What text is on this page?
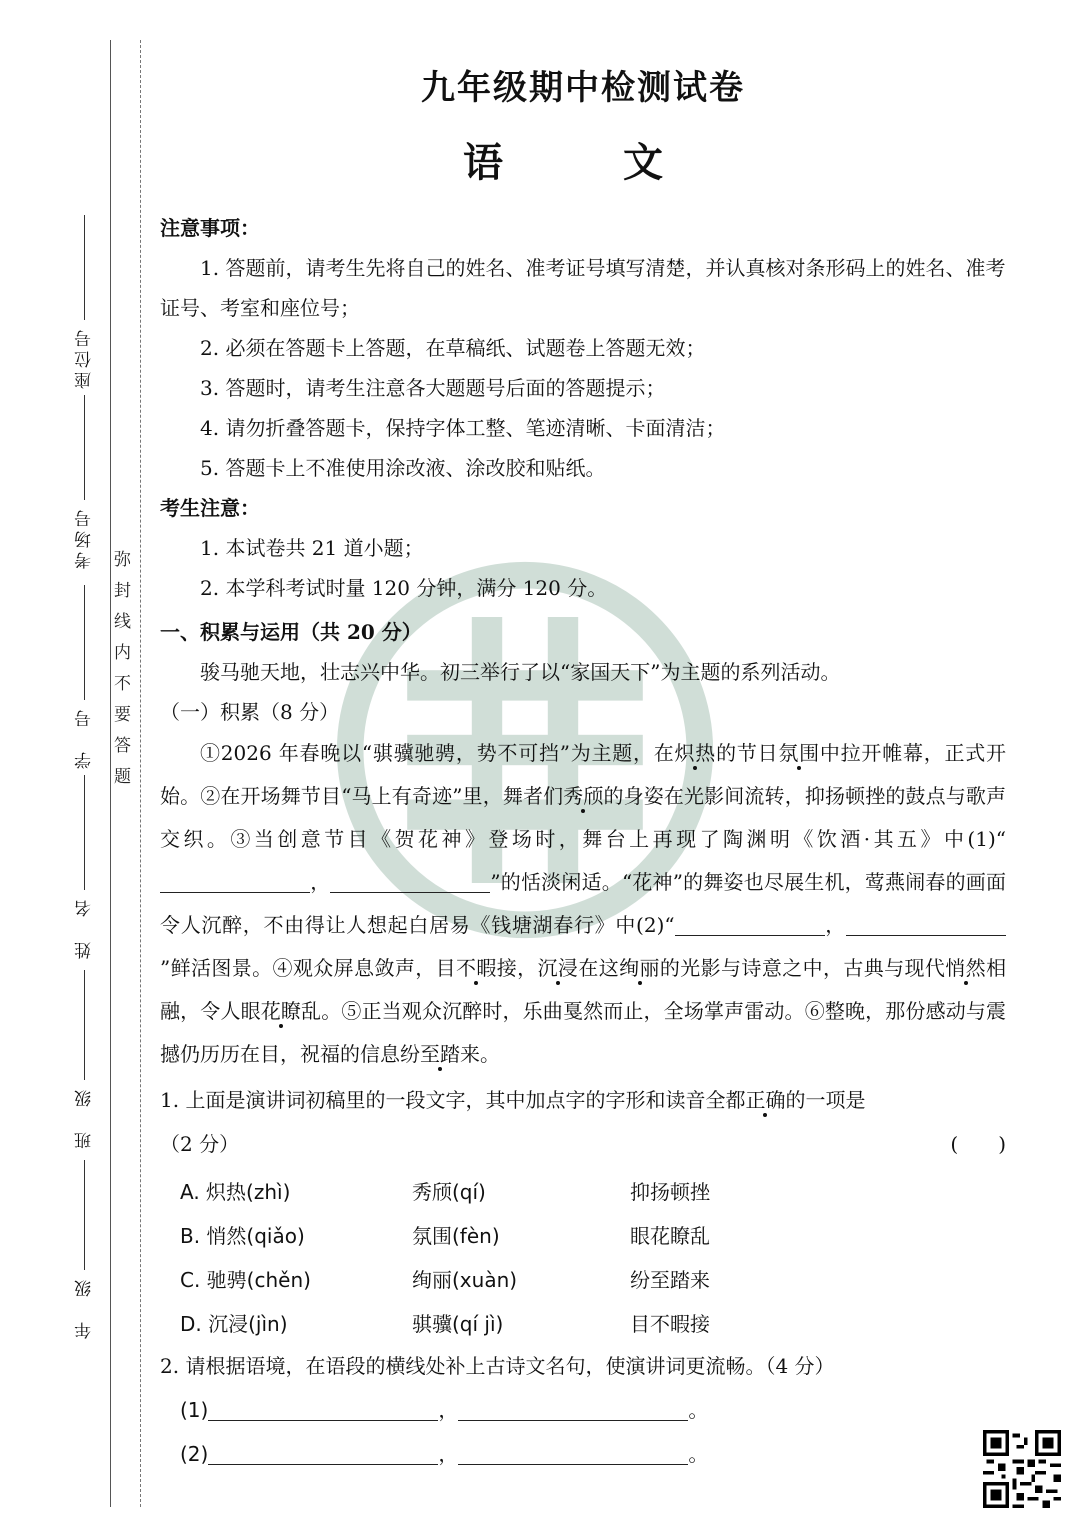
座位号
考场号
学　号
姓　名
班　级
年　级
弥封线内不要答题
九年级期中检测试卷
语　文

注意事项：

1. 答题前，请考生先将自己的姓名、准考证号填写清楚，并认真核对条形码上的姓名、准考证号、考室和座位号；

2. 必须在答题卡上答题，在草稿纸、试题卷上答题无效；

3. 答题时，请考生注意各大题题号后面的答题提示；

4. 请勿折叠答题卡，保持字体工整、笔迹清晰、卡面清洁；

5. 答题卡上不准使用涂改液、涂改胶和贴纸。

考生注意：

1. 本试卷共 21 道小题；

2. 本学科考试时量 120 分钟，满分 120 分。

一、积累与运用（共 20 分）

骏马驰天地，壮志兴中华。初三举行了以“家国天下”为主题的系列活动。

（一）积累（8 分）

①2026 年春晚以“骐骥驰骋，势不可挡”为主题，在炽热的节日氛围中拉开帷幕，正式开始。②在开场舞节目“马上有奇迹”里，舞者们秀颀的身姿在光影间流转，抑扬顿挫的鼓点与歌声交织。③当创意节目《贺花神》登场时，舞台上再现了陶渊明《饮酒·其五》中(1)“，	”的恬淡闲适。“花神”的舞姿也尽展生机，莺燕闹春的画面令人沉醉，不由得让人想起白居易《钱塘湖春行》中(2)“	，”鲜活图景。④观众屏息敛声，目不暇接，沉浸在这绚丽的光影与诗意之中，古典与现代悄然相融，令人眼花瞭乱。⑤正当观众沉醉时，乐曲戛然而止，全场掌声雷动。⑥整晚，那份感动与震撼仍历历在目，祝福的信息纷至踏来。

1. 上面是演讲词初稿里的一段文字，其中加点字的字形和读音全都正确的一项是

（2 分）	(　　)
A. 炽热(zhì)	秀颀(qí)	抑扬顿挫
B. 悄然(qiǎo)	氛围(fèn)	眼花瞭乱
C. 驰骋(chěn)	绚丽(xuàn)	纷至踏来
D. 沉浸(jìn)	骐骥(qí jì)	目不暇接

2. 请根据语境，在语段的横线处补上古诗文名句，使演讲词更流畅。（4 分）

(1)	，	。
(2)	，	。
